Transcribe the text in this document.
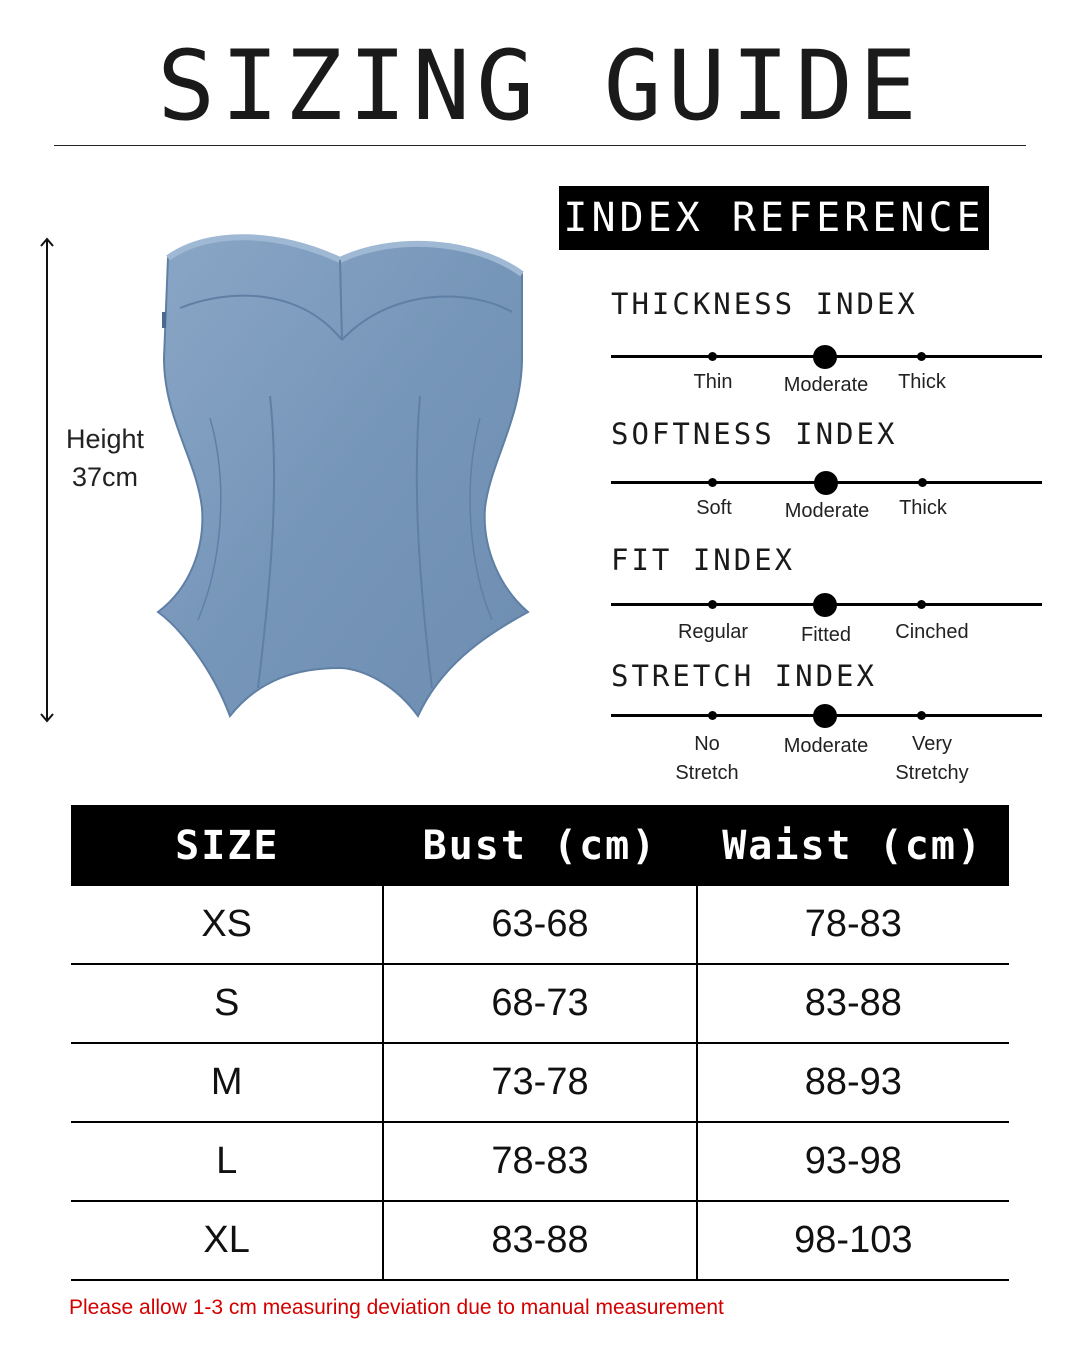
SIZING GUIDE
Height
37cm
INDEX REFERENCE
THICKNESS INDEX
Thin	Moderate	Thick
SOFTNESS INDEX
Soft	Moderate	Thick
FIT INDEX
Regular	Fitted	Cinched
STRETCH INDEX
No
Stretch
Moderate	Very
Stretchy
SIZE	Bust (cm)	Waist (cm)
XS	63-68	78-83
S	68-73	83-88
M	73-78	88-93
L	78-83	93-98
XL	83-88	98-103
Please allow 1-3 cm measuring deviation due to manual measurement
